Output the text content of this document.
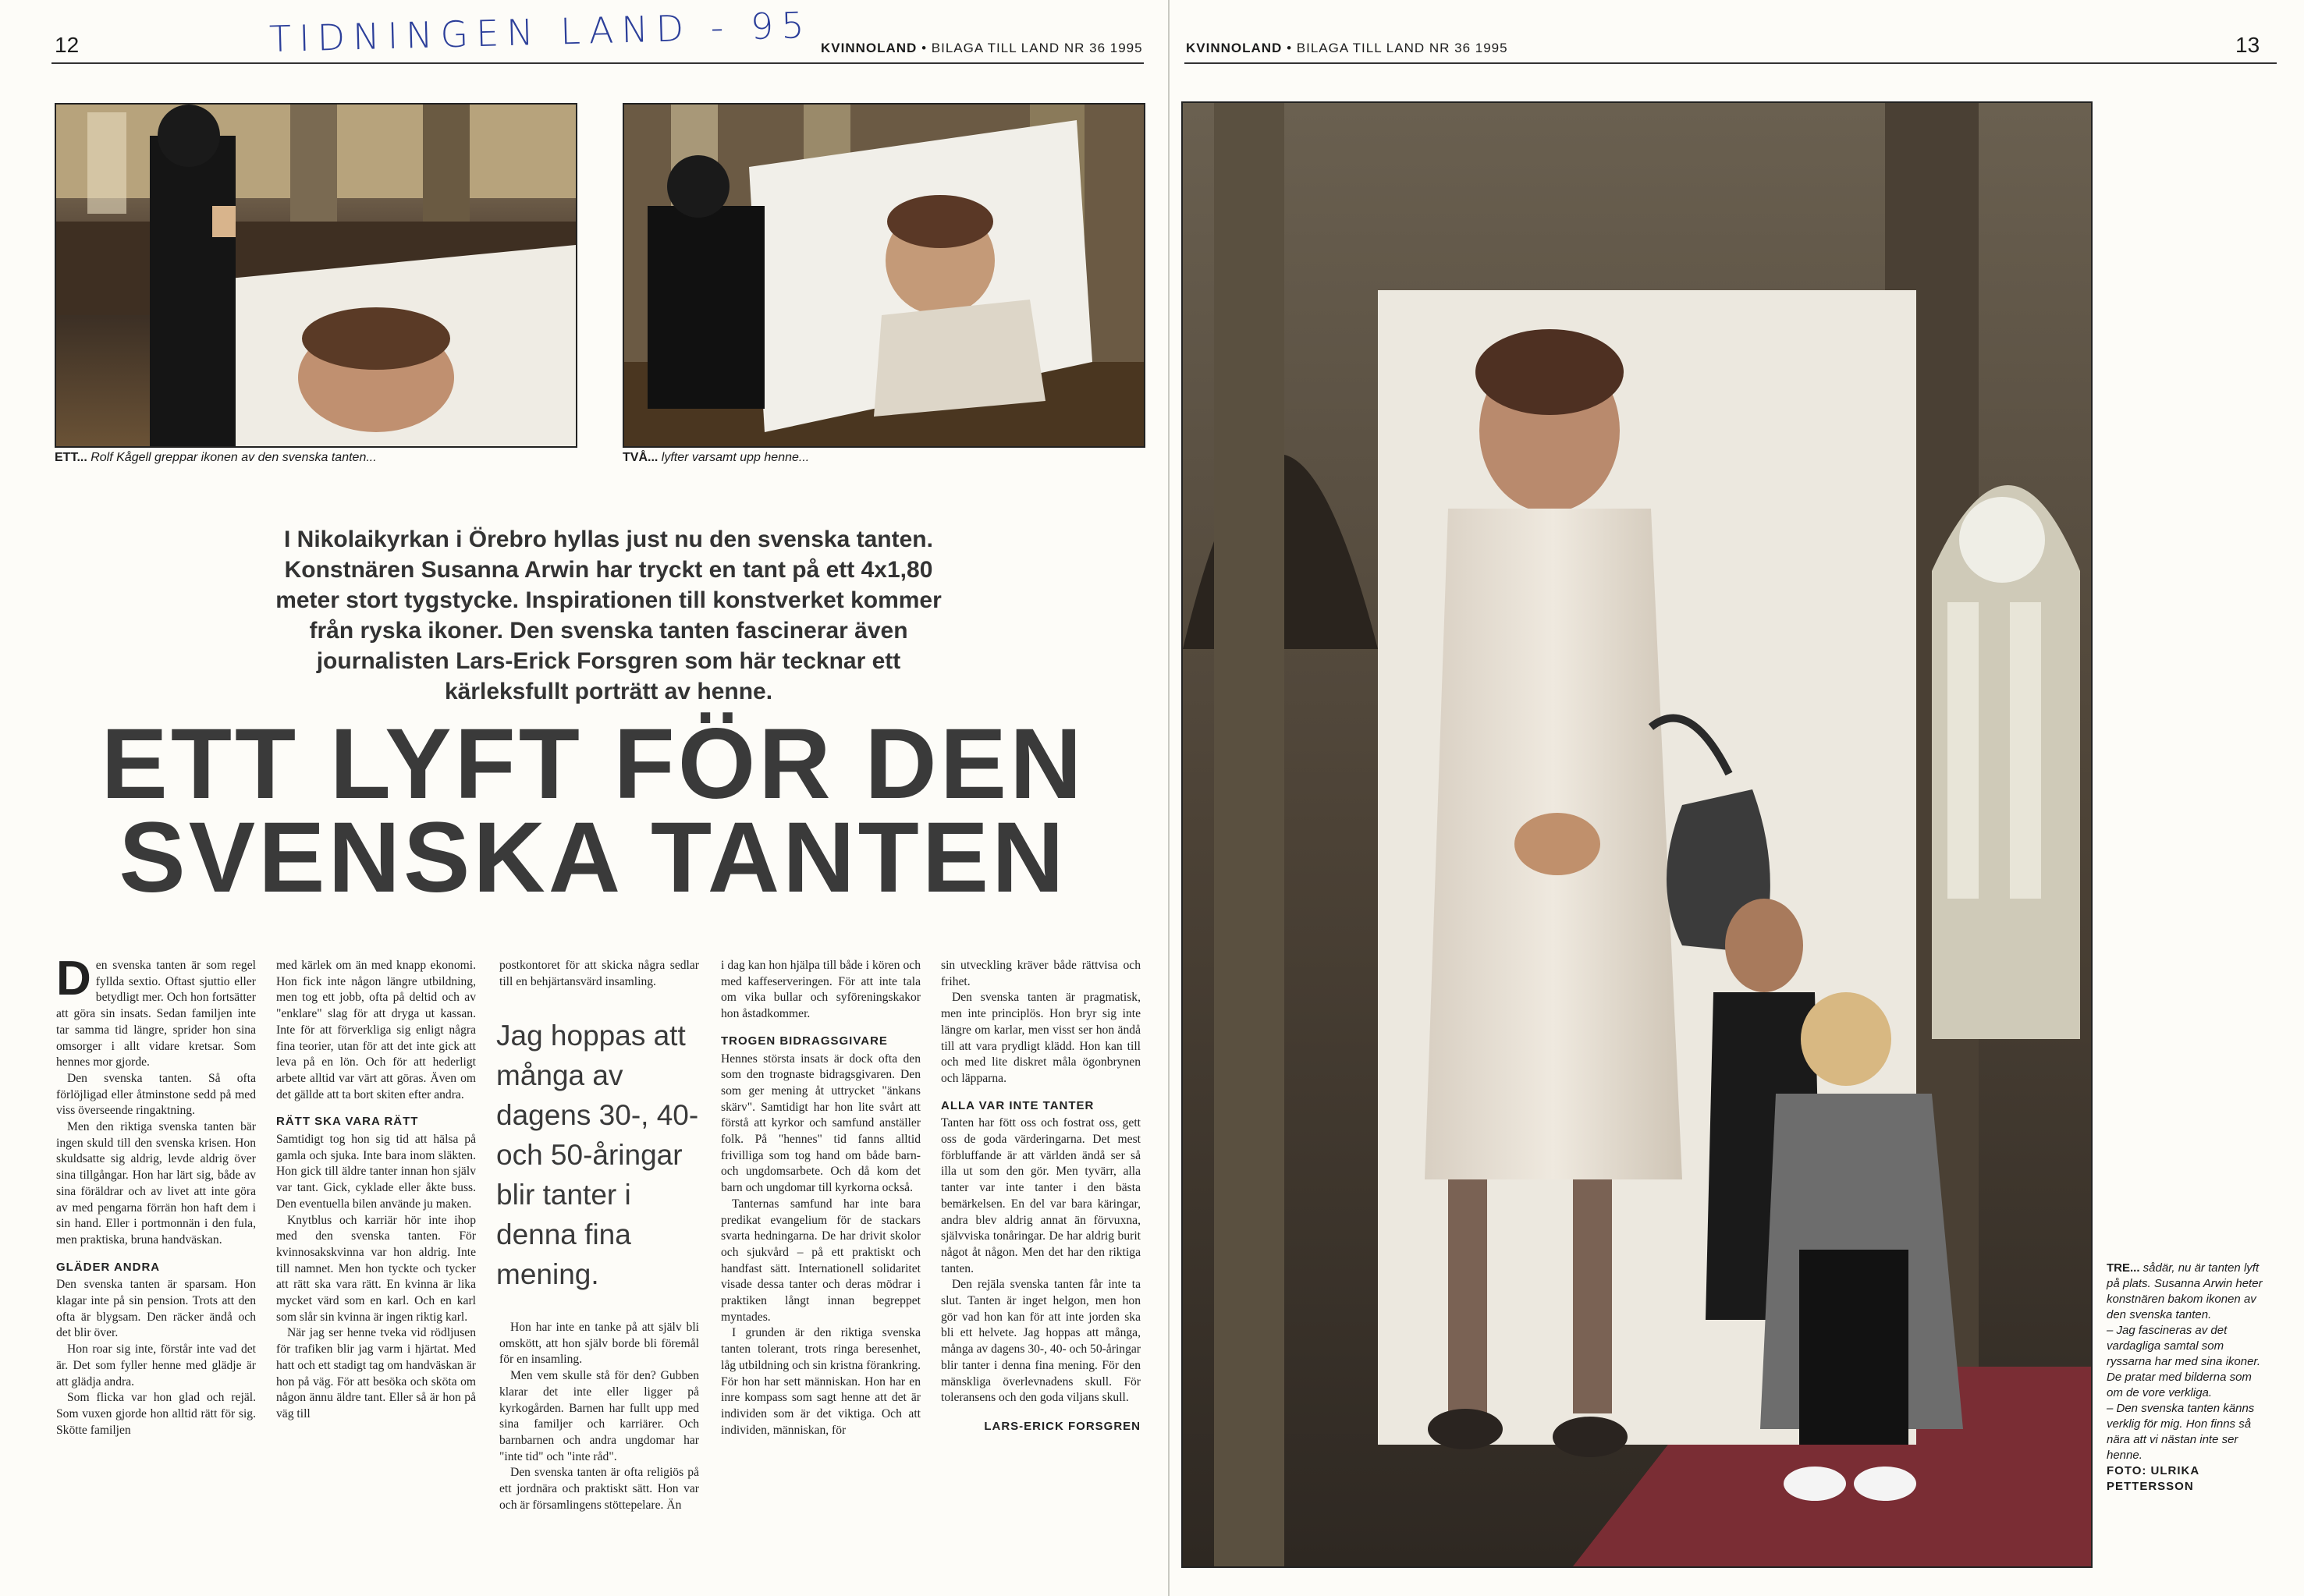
12	TIDNINGEN LAND - 95 KVINNOLAND • BILAGA TILL LAND NR 36 1995	KVINNOLAND • BILAGA TILL LAND NR 36 1995	13
ETT... Rolf Kågell greppar ikonen av den svenska tanten...	TVÅ... lyfter varsamt upp henne...
I Nikolaikyrkan i Örebro hyllas just nu den svenska tanten. Konstnären Susanna Arwin har tryckt en tant på ett 4x1,80 meter stort tygstycke. Inspirationen till konstverket kommer från ryska ikoner. Den svenska tanten fascinerar även journalisten Lars-Erick Forsgren som här tecknar ett kärleksfullt porträtt av henne.
ETT LYFT FÖR DEN
SVENSKA TANTEN

Den svenska tanten är som regel fyllda sextio. Oftast sjuttio eller betydligt mer. Och hon fortsätter att göra sin insats. Sedan familjen inte tar samma tid längre, sprider hon sina omsorger i allt vidare kretsar. Som hennes mor gjorde.

Den svenska tanten. Så ofta förlöjligad eller åtminstone sedd på med viss överseende ringaktning.

Men den riktiga svenska tanten bär ingen skuld till den svenska krisen. Hon skuldsatte sig aldrig, levde aldrig över sina tillgångar. Hon har lärt sig, både av sina föräldrar och av livet att inte göra av med pengarna förrän hon haft dem i sin hand. Eller i portmonnän i den fula, men praktiska, bruna handväskan.

GLÄDER ANDRA

Den svenska tanten är sparsam. Hon klagar inte på sin pension. Trots att den ofta är blygsam. Den räcker ändå och det blir över.

Hon roar sig inte, förstår inte vad det är. Det som fyller henne med glädje är att glädja andra.

Som flicka var hon glad och rejäl. Som vuxen gjorde hon alltid rätt för sig. Skötte familjen

med kärlek om än med knapp ekonomi. Hon fick inte någon längre utbildning, men tog ett jobb, ofta på deltid och av "enklare" slag för att dryga ut kassan. Inte för att förverkliga sig enligt några fina teorier, utan för att det inte gick att leva på en lön. Och för att hederligt arbete alltid var värt att göras. Även om det gällde att ta bort skiten efter andra.

RÄTT SKA VARA RÄTT

Samtidigt tog hon sig tid att hälsa på gamla och sjuka. Inte bara inom släkten. Hon gick till äldre tanter innan hon själv var tant. Gick, cyklade eller åkte buss. Den eventuella bilen använde ju maken.

Knytblus och karriär hör inte ihop med den svenska tanten. För kvinnosakskvinna var hon aldrig. Inte till namnet. Men hon tyckte och tycker att rätt ska vara rätt. En kvinna är lika mycket värd som en karl. Och en karl som slår sin kvinna är ingen riktig karl.

När jag ser henne tveka vid rödljusen för trafiken blir jag varm i hjärtat. Med hatt och ett stadigt tag om handväskan är hon på väg. För att besöka och sköta om någon ännu äldre tant. Eller så är hon på väg till

postkontoret för att skicka några sedlar till en behjärtansvärd insamling.

Jag hoppas att många av dagens 30-, 40- och 50-åringar blir tanter i denna fina mening.

Hon har inte en tanke på att själv bli omskött, att hon själv borde bli föremål för en insamling.

Men vem skulle stå för den? Gubben klarar det inte eller ligger på kyrkogården. Barnen har fullt upp med sina familjer och karriärer. Och barnbarnen och andra ungdomar har "inte tid" och "inte råd".

Den svenska tanten är ofta religiös på ett jordnära och praktiskt sätt. Hon var och är församlingens stöttepelare. Än

i dag kan hon hjälpa till både i kören och med kaffeserveringen. För att inte tala om vika bullar och syföreningskakor hon åstadkommer.

TROGEN BIDRAGSGIVARE

Hennes största insats är dock ofta den som den trognaste bidragsgivaren. Den som ger mening åt uttrycket "änkans skärv". Samtidigt har hon lite svårt att förstå att kyrkor och samfund anställer folk. På "hennes" tid fanns alltid frivilliga som tog hand om både barn- och ungdomsarbete. Och då kom det barn och ungdomar till kyrkorna också.

Tanternas samfund har inte bara predikat evangelium för de stackars svarta hedningarna. De har drivit skolor och sjukvård – på ett praktiskt och handfast sätt. Internationell solidaritet visade dessa tanter och deras mödrar i praktiken långt innan begreppet myntades.

I grunden är den riktiga svenska tanten tolerant, trots ringa beresenhet, låg utbildning och sin kristna förankring. För hon har sett människan. Hon har en inre kompass som sagt henne att det är individen som är det viktiga. Och att individen, människan, för

sin utveckling kräver både rättvisa och frihet.

Den svenska tanten är pragmatisk, men inte principlös. Hon bryr sig inte längre om karlar, men visst ser hon ändå till att vara prydligt klädd. Hon kan till och med lite diskret måla ögonbrynen och läpparna.

ALLA VAR INTE TANTER

Tanten har fött oss och fostrat oss, gett oss de goda värderingarna. Det mest förbluffande är att världen ändå ser så illa ut som den gör. Men tyvärr, alla tanter var inte tanter i den bästa bemärkelsen. En del var bara käringar, andra blev aldrig annat än förvuxna, självviska tonåringar. De har aldrig burit något åt någon. Men det har den riktiga tanten.

Den rejäla svenska tanten får inte ta slut. Tanten är inget helgon, men hon gör vad hon kan för att inte jorden ska bli ett helvete. Jag hoppas att många, många av dagens 30-, 40- och 50-åringar blir tanter i denna fina mening. För den mänskliga överlevnadens skull. För toleransens och den goda viljans skull.

LARS-ERICK FORSGREN

TRE... sådär, nu är tanten lyft på plats. Susanna Arwin heter konstnären bakom ikonen av den svenska tanten.

– Jag fascineras av det vardagliga samtal som ryssarna har med sina ikoner. De pratar med bilderna som om de vore verkliga.

– Den svenska tanten känns verklig för mig. Hon finns så nära att vi nästan inte ser henne.

FOTO: ULRIKA PETTERSSON
